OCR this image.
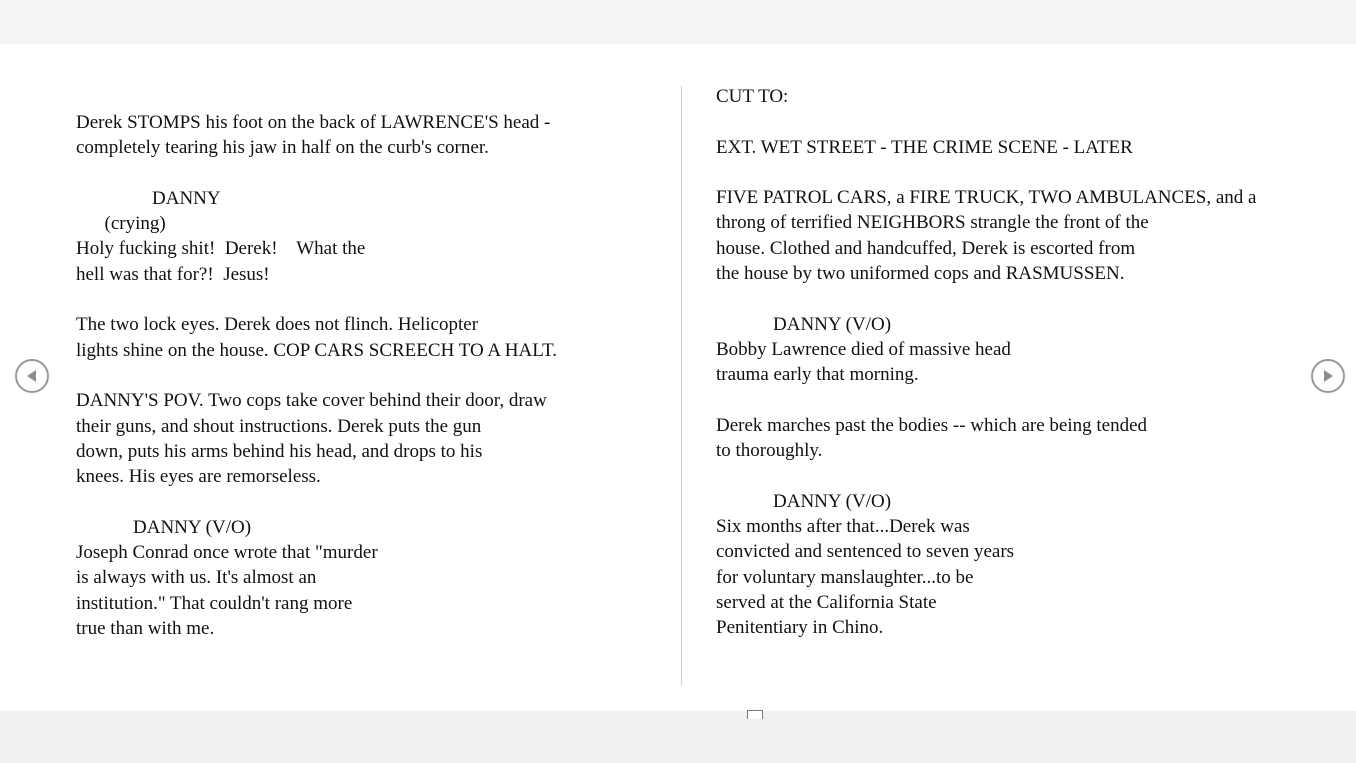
Derek STOMPS his foot on the back of LAWRENCE'S head -
completely tearing his jaw in half on the curb's corner.
DANNY
(crying)
Holy fucking shit!  Derek!    What the
hell was that for?!  Jesus!
The two lock eyes. Derek does not flinch. Helicopter
lights shine on the house. COP CARS SCREECH TO A HALT.
DANNY'S POV. Two cops take cover behind their door, draw
their guns, and shout instructions. Derek puts the gun
down, puts his arms behind his head, and drops to his
knees. His eyes are remorseless.
DANNY (V/O)
Joseph Conrad once wrote that "murder
is always with us. It's almost an
institution." That couldn't rang more
true than with me.
CUT TO:
EXT. WET STREET - THE CRIME SCENE - LATER
FIVE PATROL CARS, a FIRE TRUCK, TWO AMBULANCES, and a
throng of terrified NEIGHBORS strangle the front of the
house. Clothed and handcuffed, Derek is escorted from
the house by two uniformed cops and RASMUSSEN.
DANNY (V/O)
Bobby Lawrence died of massive head
trauma early that morning.
Derek marches past the bodies -- which are being tended
to thoroughly.
DANNY (V/O)
Six months after that...Derek was
convicted and sentenced to seven years
for voluntary manslaughter...to be
served at the California State
Penitentiary in Chino.
